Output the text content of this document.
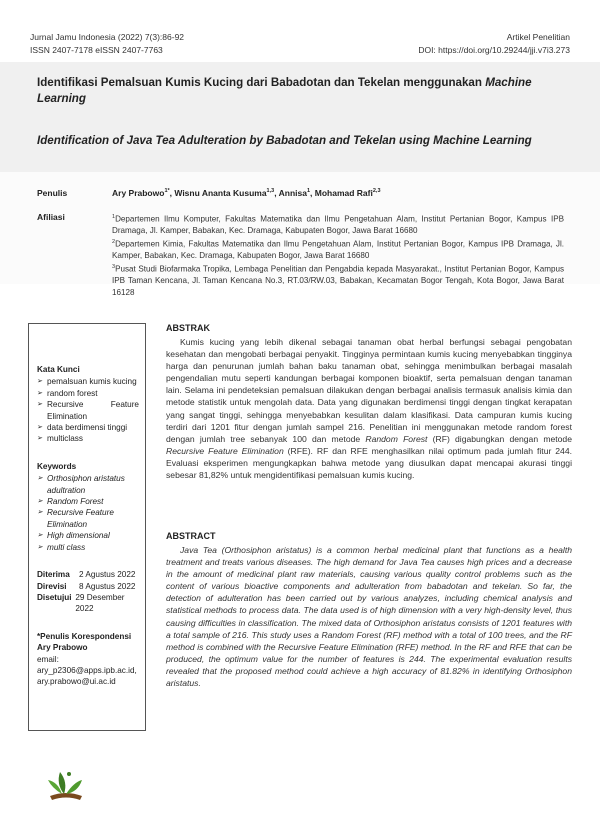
Jurnal Jamu Indonesia (2022) 7(3):86-92
ISSN 2407-7178 eISSN 2407-7763
Artikel Penelitian
DOI: https://doi.org/10.29244/jji.v7i3.273
Identifikasi Pemalsuan Kumis Kucing dari Babadotan dan Tekelan menggunakan Machine Learning
Identification of Java Tea Adulteration by Babadotan and Tekelan using Machine Learning
Penulis	Ary Prabowo$^{1*}$, Wisnu Ananta Kusuma$^{1,3}$, Annisa$^1$, Mohamad Rafi$^{2,3}$
Afiliasi	$^1$Departemen Ilmu Komputer, Fakultas Matematika dan Ilmu Pengetahuan Alam, Institut Pertanian Bogor, Kampus IPB Dramaga, Jl. Kamper, Babakan, Kec. Dramaga, Kabupaten Bogor, Jawa Barat 16680
$^2$Departemen Kimia, Fakultas Matematika dan Ilmu Pengetahuan Alam, Institut Pertanian Bogor, Kampus IPB Dramaga, Jl. Kamper, Babakan, Kec. Dramaga, Kabupaten Bogor, Jawa Barat 16680
$^3$Pusat Studi Biofarmaka Tropika, Lembaga Penelitian dan Pengabdia kepada Masyarakat., Institut Pertanian Bogor, Kampus IPB Taman Kencana, Jl. Taman Kencana No.3, RT.03/RW.03, Babakan, Kecamatan Bogor Tengah, Kota Bogor, Jawa Barat 16128
Kata Kunci
➢ pemalsuan kumis kucing
➢ random forest
➢ Recursive Feature Elimination
➢ data berdimensi tinggi
➢ multiclass
Keywords
➢ Orthosiphon aristatus adultration
➢ Random Forest
➢ Recursive Feature Elimination
➢ High dimensional
➢ multi class
Diterima	2 Agustus 2022
Direvisi	8 Agustus 2022
Disetujui 29 Desember 2022
*Penulis Korespondensi
Ary Prabowo
email:
ary_p2306@apps.ipb.ac.id, ary.prabowo@ui.ac.id
ABSTRAK
Kumis kucing yang lebih dikenal sebagai tanaman obat herbal berfungsi sebagai pengobatan kesehatan dan mengobati berbagai penyakit. Tingginya permintaan kumis kucing menyebabkan tingginya harga dan penurunan jumlah bahan baku tanaman obat, sehingga menimbulkan berbagai masalah pengendalian mutu seperti kandungan berbagai komponen bioaktif, serta pemalsuan dengan tanaman lain. Selama ini pendeteksian pemalsuan dilakukan dengan berbagai analisis termasuk analisis kimia dan metode statistik untuk mengolah data. Data yang digunakan berdimensi tinggi dengan tingkat kerapatan yang sangat tinggi, sehingga menyebabkan kesulitan dalam klasifikasi. Data campuran kumis kucing terdiri dari 1201 fitur dengan jumlah sampel 216. Penelitian ini menggunakan metode random forest dengan jumlah tree sebanyak 100 dan metode Random Forest (RF) digabungkan dengan metode Recursive Feature Elimination (RFE). RF dan RFE menghasilkan nilai optimum pada jumlah fitur 244. Evaluasi eksperimen mengungkapkan bahwa metode yang diusulkan dapat mencapai akurasi tinggi sebesar 81,82% untuk mengidentifikasi pemalsuan kumis kucing.
ABSTRACT
Java Tea (Orthosiphon aristatus) is a common herbal medicinal plant that functions as a health treatment and treats various diseases. The high demand for Java Tea causes high prices and a decrease in the amount of medicinal plant raw materials, causing various quality control problems such as the content of various bioactive components and adulteration from babadotan and tekelan. So far, the detection of adulteration has been carried out by various analyzes, including chemical analysis and statistical methods to process data. The data used is of high dimension with a very high-density level, thus causing difficulties in classification. The mixed data of Orthosiphon aristatus consists of 1201 features with a total sample of 216. This study uses a Random Forest (RF) method with a total of 100 trees, and the RF method is combined with the Recursive Feature Elimination (RFE) method. In the RF and RFE that can be produced, the optimum value for the number of features is 244. The experimental evaluation results revealed that the proposed method could achieve a high accuracy of 81.82% in identifying Orthosiphon aristatus.
